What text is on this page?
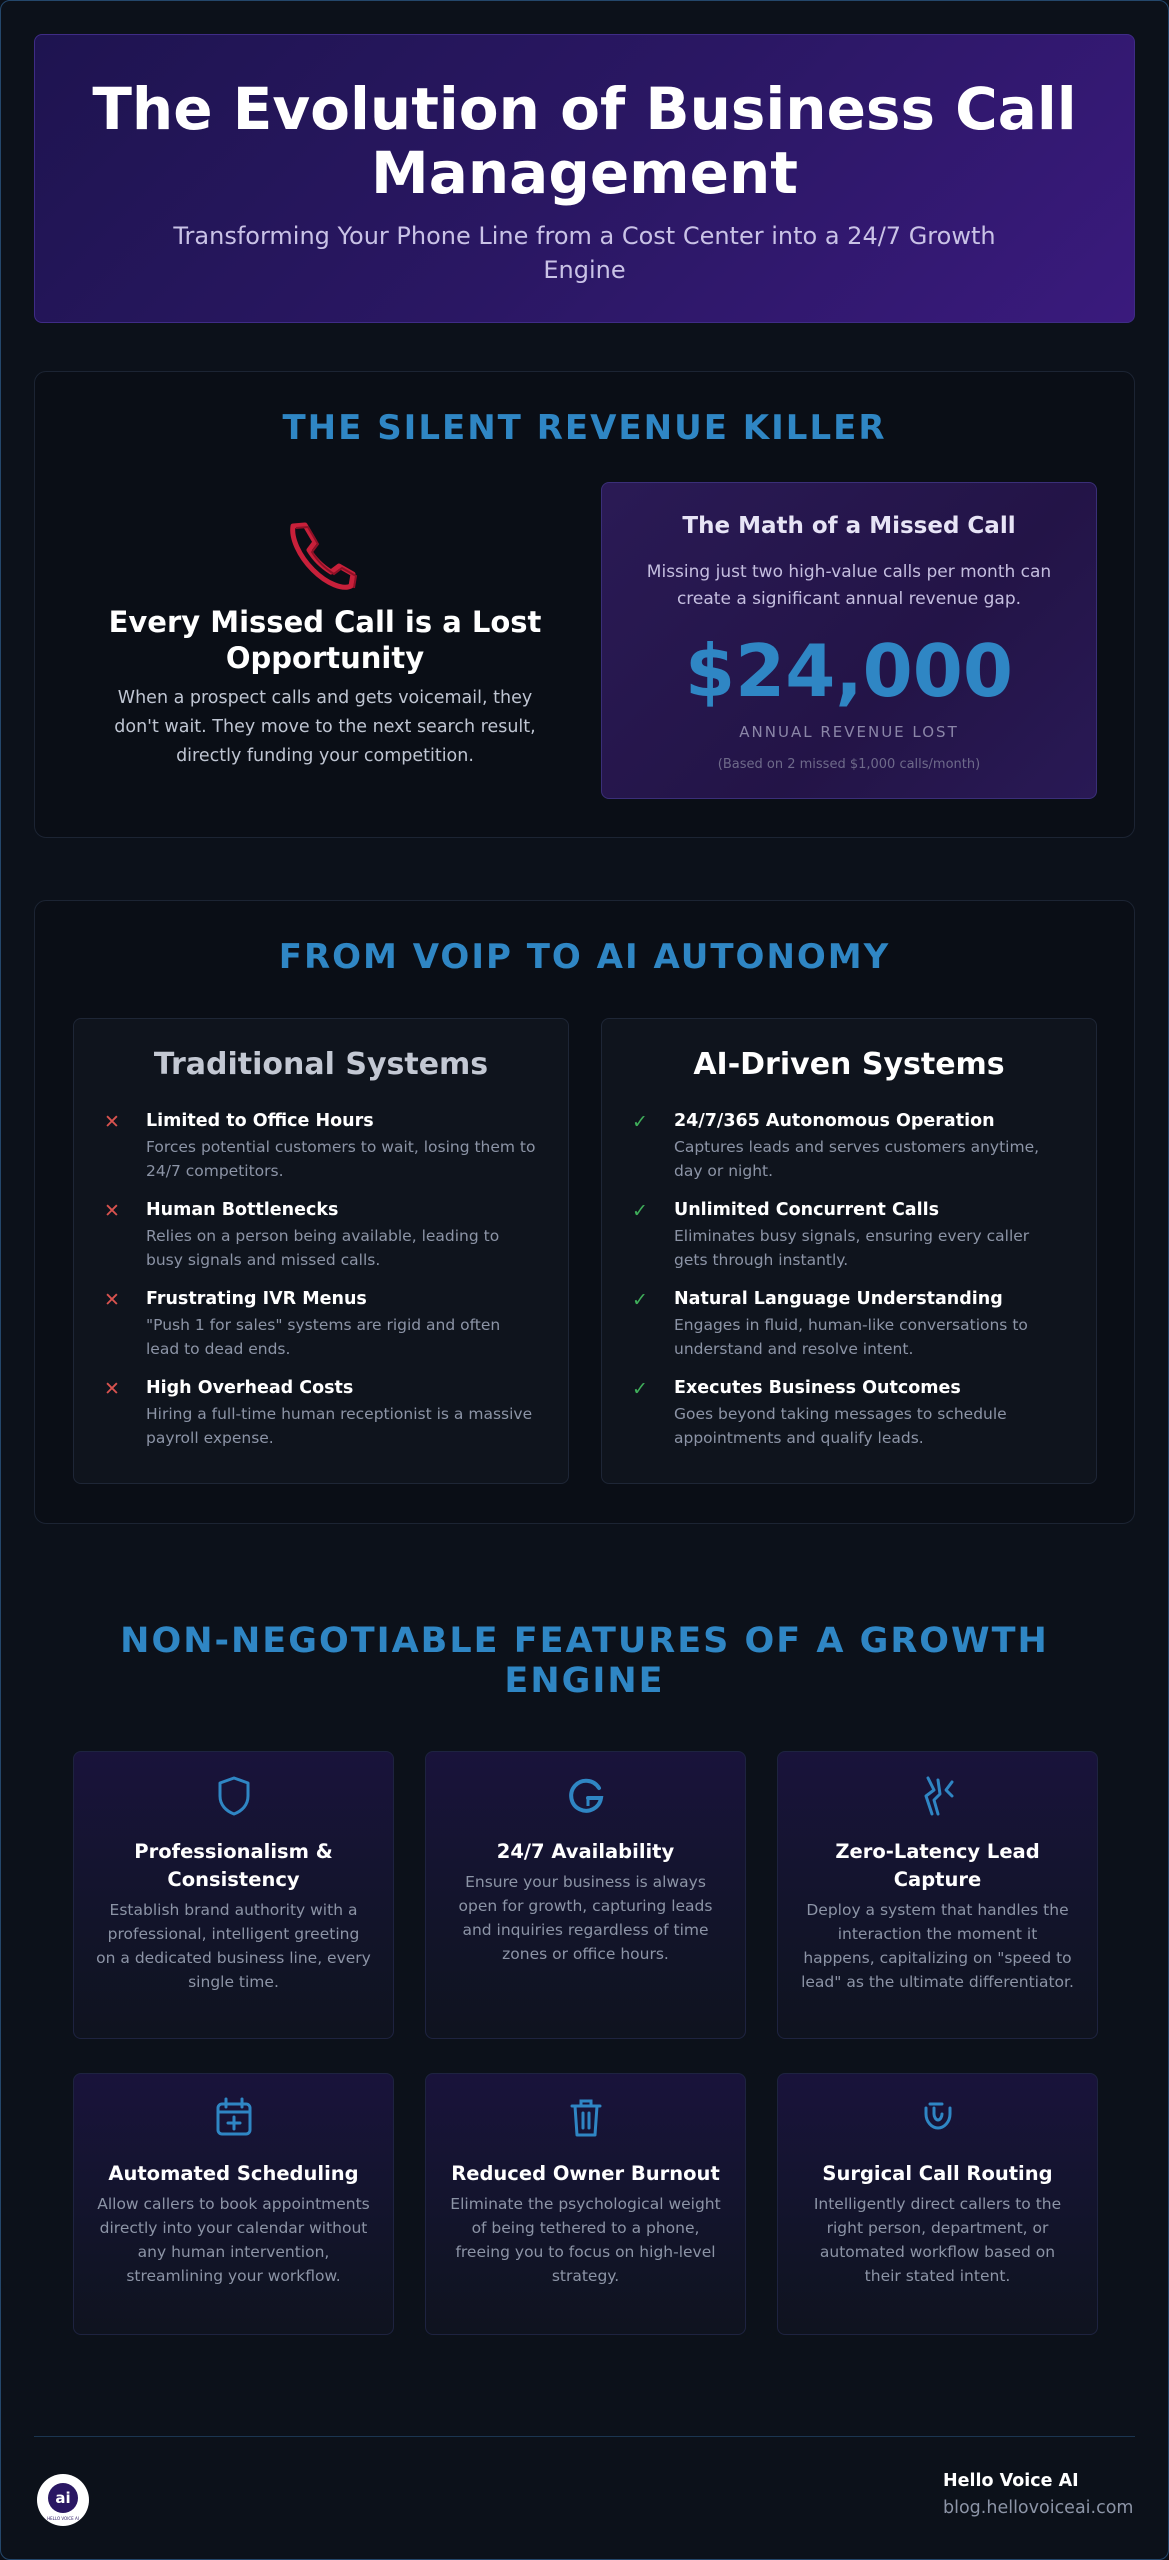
The Evolution of Business Call Management

Transforming Your Phone Line from a Cost Center into a 24/7 Growth Engine

THE SILENT REVENUE KILLER
Every Missed Call is a Lost Opportunity
When a prospect calls and gets voicemail, they don't wait. They move to the next search result, directly funding your competition.
The Math of a Missed Call
Missing just two high-value calls per month can create a significant annual revenue gap.
$24,000
ANNUAL REVENUE LOST
(Based on 2 missed $1,000 calls/month)
FROM VOIP TO AI AUTONOMY
Traditional Systems
✕ Limited to Office Hours
Forces potential customers to wait, losing them to 24/7 competitors.
✕ Human Bottlenecks
Relies on a person being available, leading to busy signals and missed calls.
✕ Frustrating IVR Menus
"Push 1 for sales" systems are rigid and often lead to dead ends.
✕ High Overhead Costs
Hiring a full-time human receptionist is a massive payroll expense.
AI-Driven Systems
✓ 24/7/365 Autonomous Operation
Captures leads and serves customers anytime, day or night.
✓ Unlimited Concurrent Calls
Eliminates busy signals, ensuring every caller gets through instantly.
✓ Natural Language Understanding
Engages in fluid, human-like conversations to understand and resolve intent.
✓ Executes Business Outcomes
Goes beyond taking messages to schedule appointments and qualify leads.
NON-NEGOTIABLE FEATURES OF A GROWTH ENGINE
Professionalism & Consistency
Establish brand authority with a professional, intelligent greeting on a dedicated business line, every single time.
24/7 Availability
Ensure your business is always open for growth, capturing leads and inquiries regardless of time zones or office hours.
Zero-Latency Lead Capture
Deploy a system that handles the interaction the moment it happens, capitalizing on "speed to lead" as the ultimate differentiator.
Automated Scheduling
Allow callers to book appointments directly into your calendar without any human intervention, streamlining your workflow.
Reduced Owner Burnout
Eliminate the psychological weight of being tethered to a phone, freeing you to focus on high-level strategy.
Surgical Call Routing
Intelligently direct callers to the right person, department, or automated workflow based on their stated intent.
ai
HELLO VOICE AI
Hello Voice AI
blog.hellovoiceai.com
